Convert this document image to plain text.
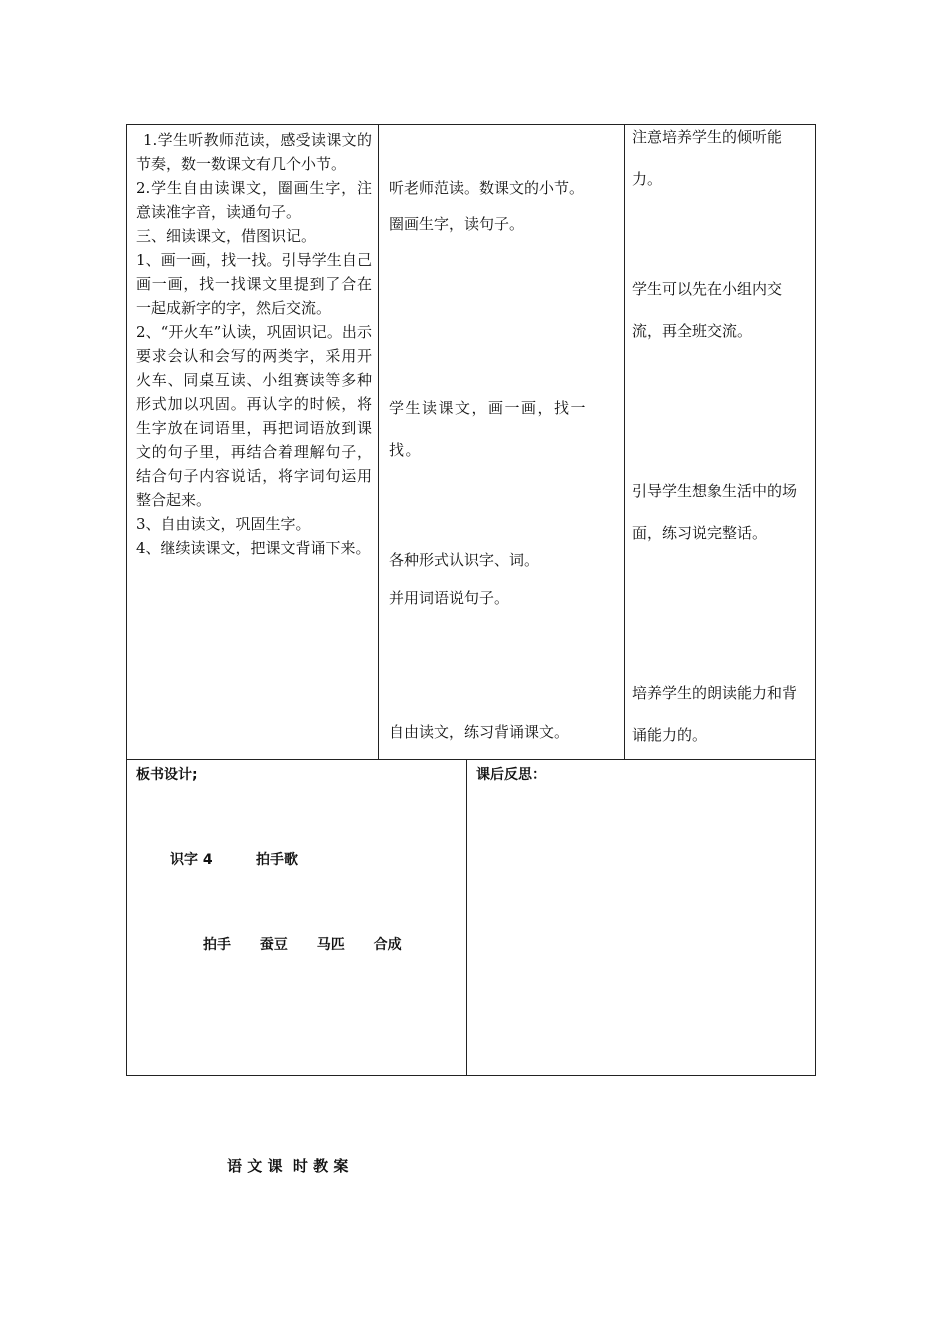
1.学生听教师范读，感受读课文的节奏，数一数课文有几个小节。

2.学生自由读课文，圈画生字，注意读准字音，读通句子。

三、细读课文，借图识记。

1、画一画，找一找。引导学生自己画一画，找一找课文里提到了合在一起成新字的字，然后交流。

2、“开火车”认读，巩固识记。出示要求会认和会写的两类字，采用开火车、同桌互读、小组赛读等多种形式加以巩固。再认字的时候，将生字放在词语里，再把词语放到课文的句子里，再结合着理解句子，结合句子内容说话，将字词句运用整合起来。

3、自由读文，巩固生字。

4、继续读课文，把课文背诵下来。

听老师范读。数课文的小节。
圈画生字，读句子。
学生读课文，画一画，找一找。
各种形式认识字、词。
并用词语说句子。
自由读文，练习背诵课文。
注意培养学生的倾听能力。
学生可以先在小组内交流，再全班交流。
引导学生想象生活中的场面，练习说完整话。
培养学生的朗读能力和背诵能力的。
板书设计;
识字 4	拍手歌
拍手 蚕豆 马匹 合成
课后反思：
语 文 课  时 教 案
